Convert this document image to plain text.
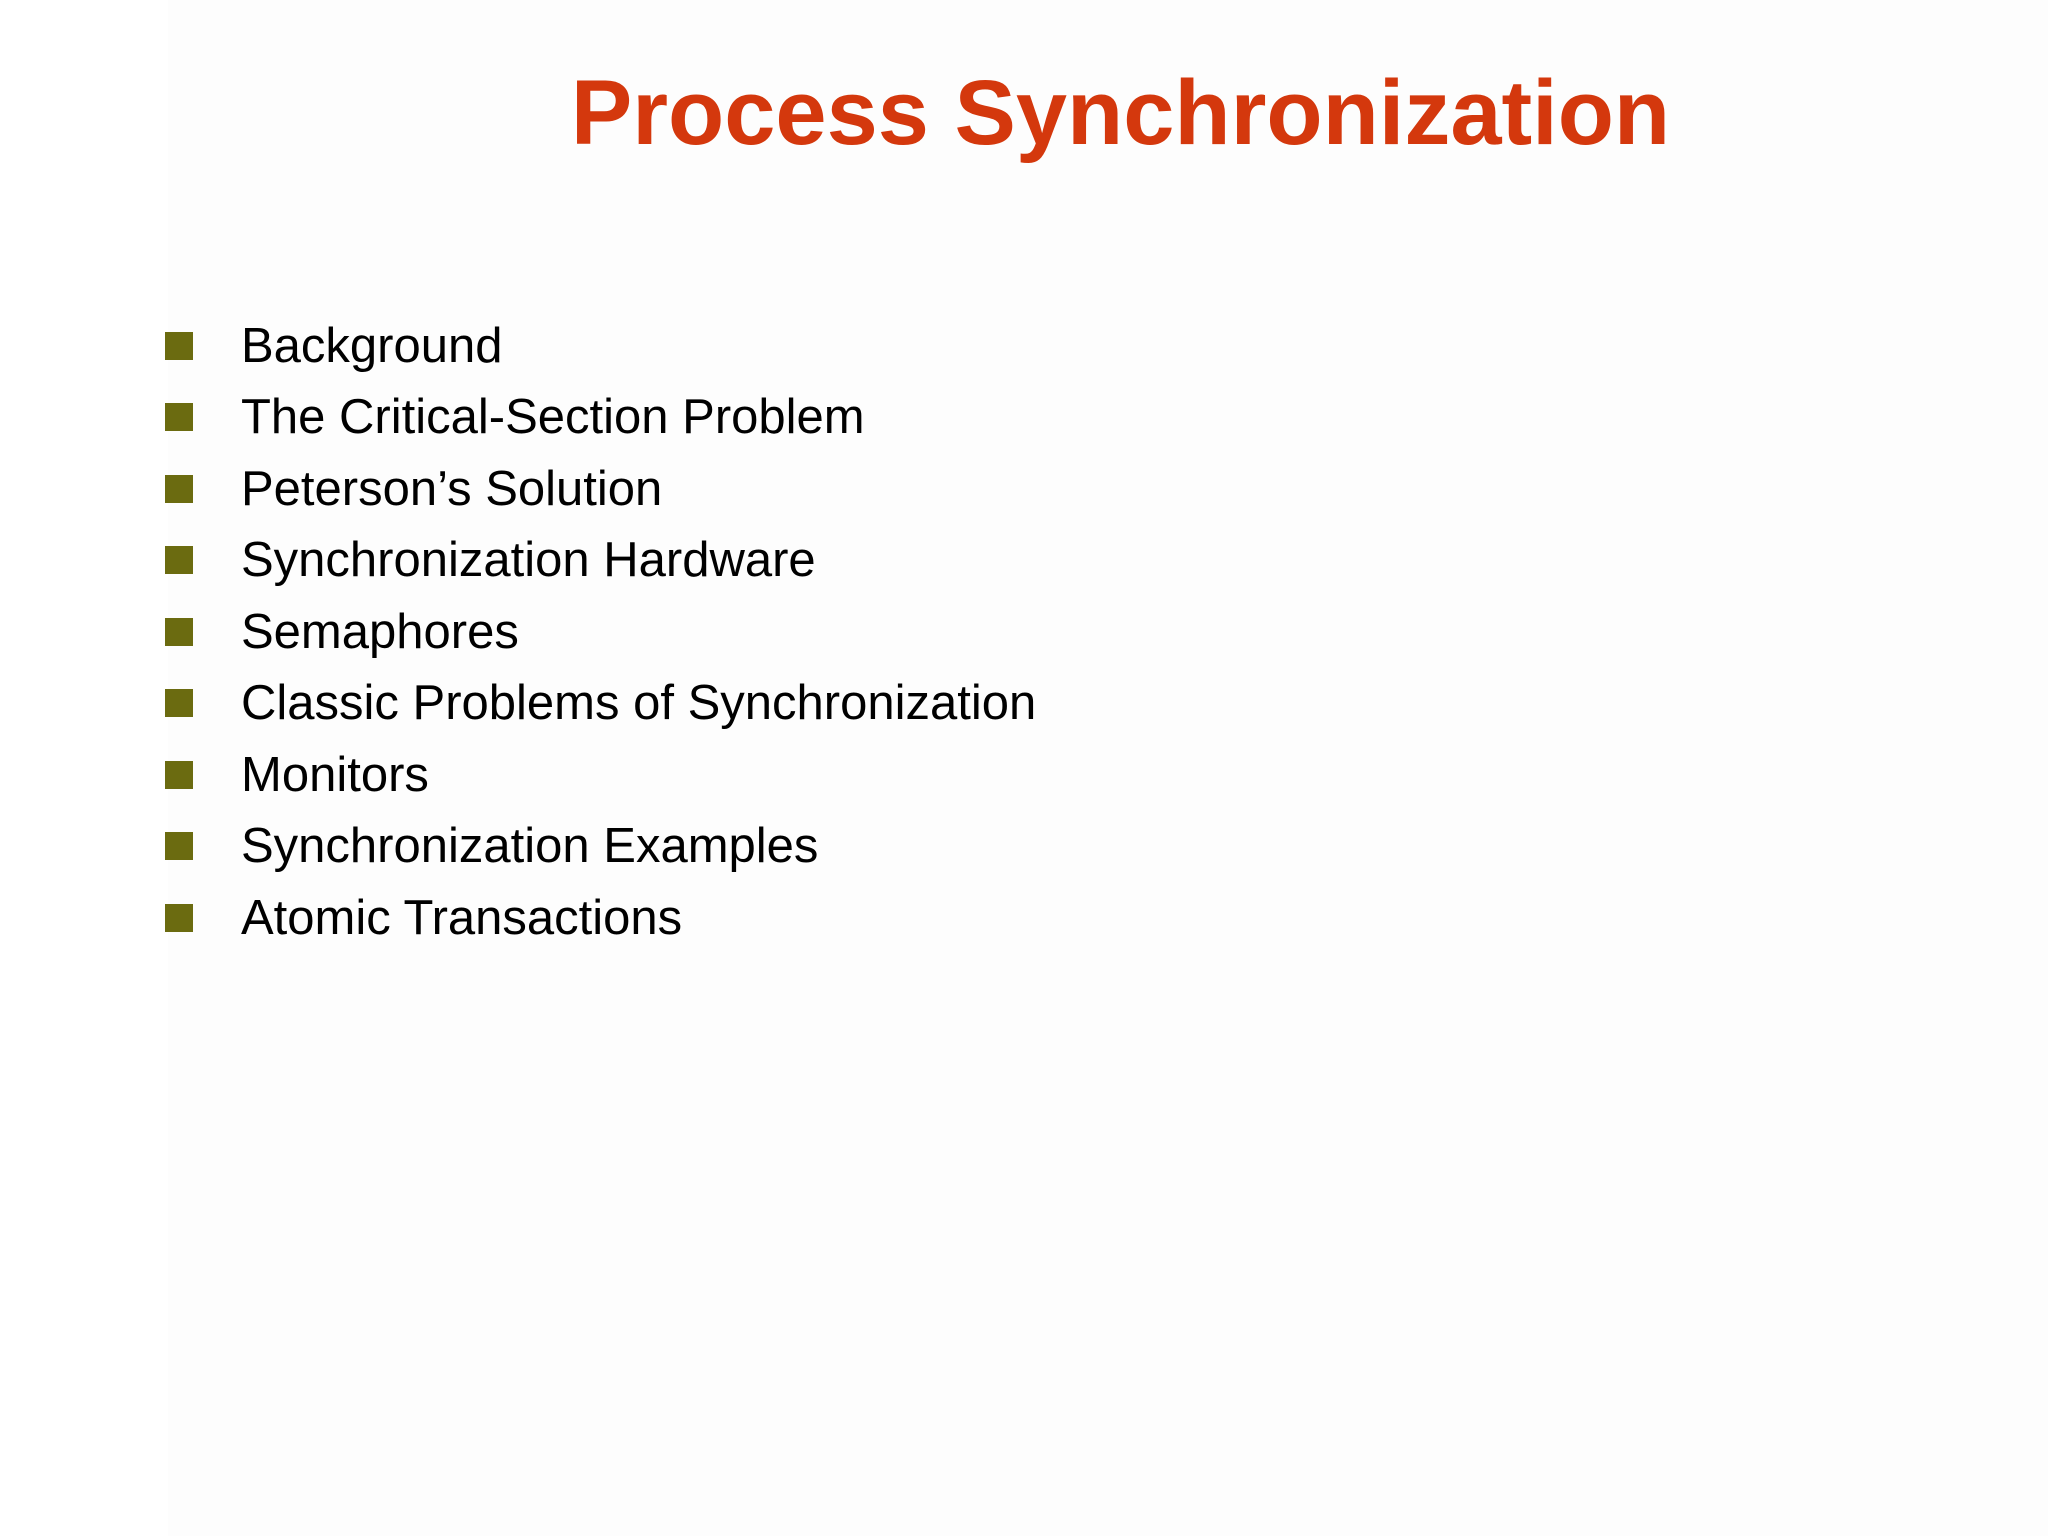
Process Synchronization
Background
The Critical-Section Problem
Peterson’s Solution
Synchronization Hardware
Semaphores
Classic Problems of Synchronization
Monitors
Synchronization Examples
Atomic Transactions
